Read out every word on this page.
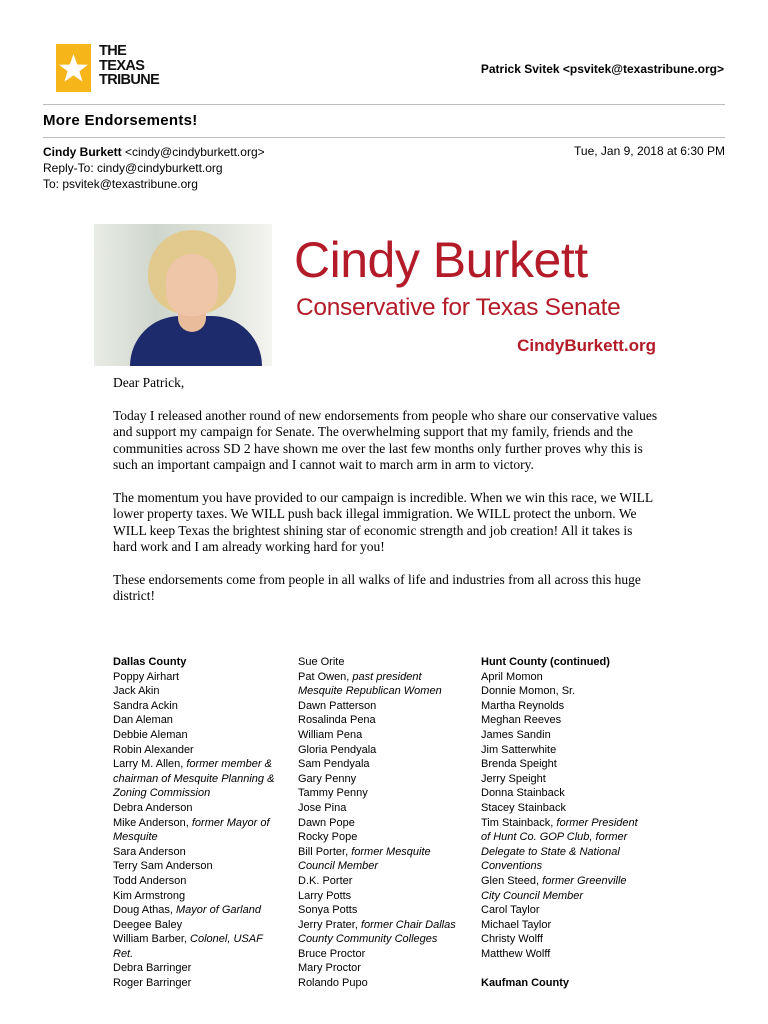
THE
TEXAS
TRIBUNE
Patrick Svitek <psvitek@texastribune.org>
More Endorsements!
Cindy Burkett <cindy@cindyburkett.org>
Reply-To: cindy@cindyburkett.org
To: psvitek@texastribune.org
Tue, Jan 9, 2018 at 6:30 PM
Cindy Burkett
Conservative for Texas Senate
CindyBurkett.org

Dear Patrick,

Today I released another round of new endorsements from people who share our conservative values and support my campaign for Senate. The overwhelming support that my family, friends and the communities across SD 2 have shown me over the last few months only further proves why this is such an important campaign and I cannot wait to march arm in arm to victory.

The momentum you have provided to our campaign is incredible. When we win this race, we WILL lower property taxes. We WILL push back illegal immigration. We WILL protect the unborn. We WILL keep Texas the brightest shining star of economic strength and job creation! All it takes is hard work and I am already working hard for you!

These endorsements come from people in all walks of life and industries from all across this huge district!

Dallas County
Poppy Airhart
Jack Akin
Sandra Ackin
Dan Aleman
Debbie Aleman
Robin Alexander
Larry M. Allen, former member &
chairman of Mesquite Planning &
Zoning Commission
Debra Anderson
Mike Anderson, former Mayor of
Mesquite
Sara Anderson
Terry Sam Anderson
Todd Anderson
Kim Armstrong
Doug Athas, Mayor of Garland
Deegee Baley
William Barber, Colonel, USAF
Ret.
Debra Barringer
Roger Barringer
Sue Orite
Pat Owen, past president
Mesquite Republican Women
Dawn Patterson
Rosalinda Pena
William Pena
Gloria Pendyala
Sam Pendyala
Gary Penny
Tammy Penny
Jose Pina
Dawn Pope
Rocky Pope
Bill Porter, former Mesquite
Council Member
D.K. Porter
Larry Potts
Sonya Potts
Jerry Prater, former Chair Dallas
County Community Colleges
Bruce Proctor
Mary Proctor
Rolando Pupo
Hunt County (continued)
April Momon
Donnie Momon, Sr.
Martha Reynolds
Meghan Reeves
James Sandin
Jim Satterwhite
Brenda Speight
Jerry Speight
Donna Stainback
Stacey Stainback
Tim Stainback, former President
of Hunt Co. GOP Club, former
Delegate to State & National
Conventions
Glen Steed, former Greenville
City Council Member
Carol Taylor
Michael Taylor
Christy Wolff
Matthew Wolff

Kaufman County
